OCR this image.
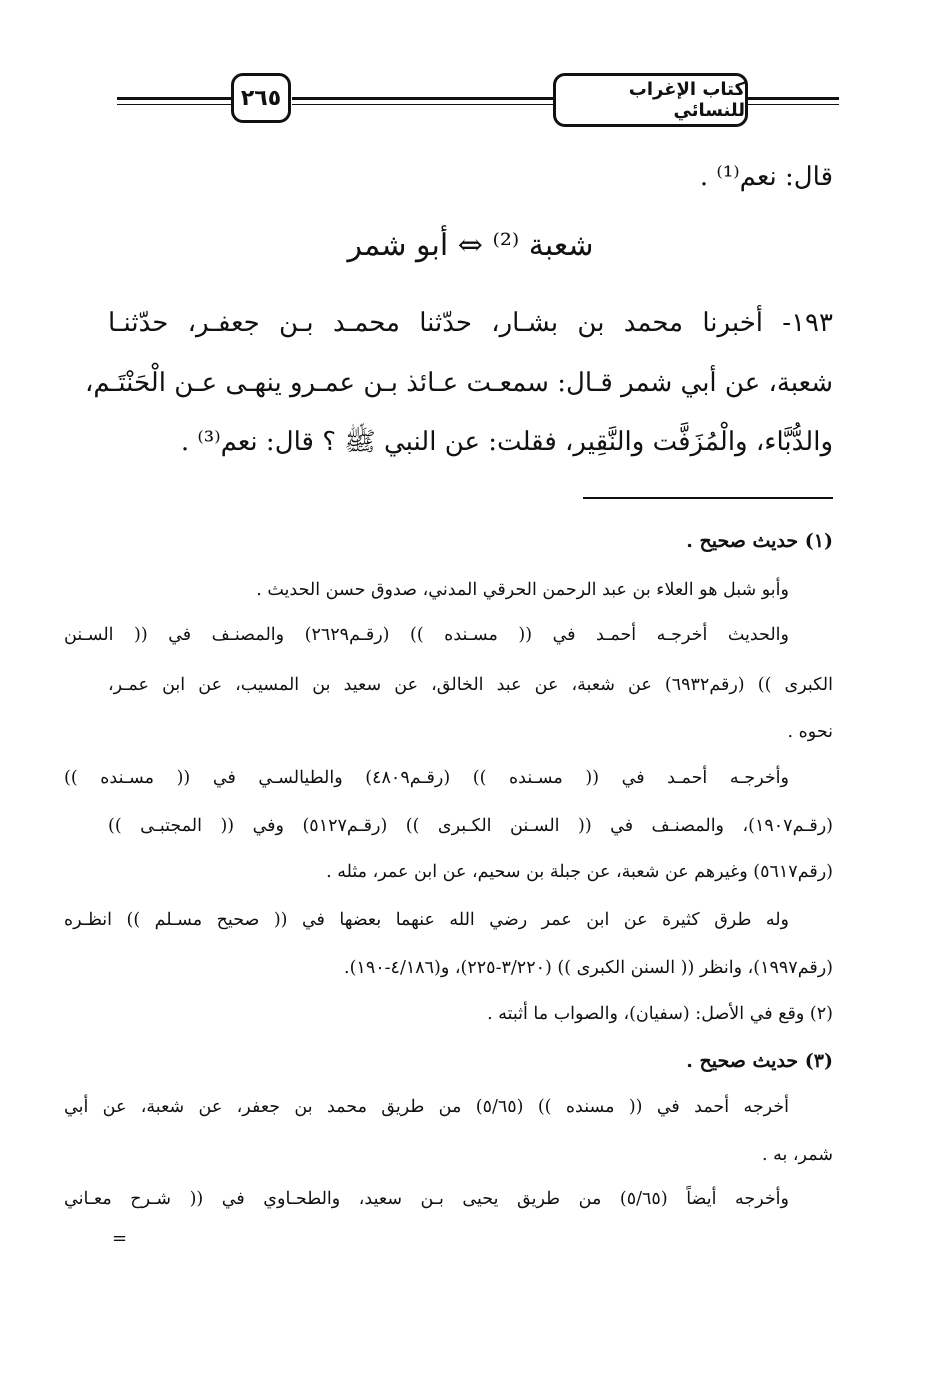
٢٦٥	كتاب الإغراب للنسائي
قال: نعم⁽¹⁾ .
شعبة ⁽²⁾ ⇔ أبو شمر
١٩٣- أخبرنا محمد بن بشـار، حدّثنا محمـد بـن جعفـر، حدّثنـا
شعبة، عن أبي شمر قـال: سمعـت عـائذ بـن عمـرو ينهـى عـن الْحَنْتَـم،
والدُّبَّاء، والْمُزَفَّت والنَّقِير، فقلت: عن النبي ﷺ ؟ قال: نعم⁽³⁾ .
(١) حديث صحيح .
وأبو شبل هو العلاء بن عبد الرحمن الحرقي المدني، صدوق حسن الحديث .
والحديث أخرجـه أحمـد في (( مسـنده )) (رقـم٢٦٢٩) والمصنـف في (( السـنن
الكبرى )) (رقم٦٩٣٢) عن شعبة، عن عبد الخالق، عن سعيد بن المسيب، عن ابن عمـر،
نحوه .
وأخرجـه أحمـد في (( مسـنده )) (رقـم٤٨٠٩) والطيالسـي في (( مسـنده ))
(رقـم١٩٠٧)، والمصنـف في (( السـنن الكـبرى )) (رقـم٥١٢٧) وفي (( المجتبـى ))
(رقم٥٦١٧) وغيرهم عن شعبة، عن جبلة بن سحيم، عن ابن عمر، مثله .
وله طرق كثيرة عن ابن عمر رضي الله عنهما بعضها في (( صحيح مسـلم )) انظـره
(رقم١٩٩٧)، وانظر (( السنن الكبرى )) (٣/٢٢٠-٢٢٥)، و(٤/١٨٦-١٩٠).
(٢) وقع في الأصل: (سفيان)، والصواب ما أثبته .
(٣) حديث صحيح .
أخرجه أحمد في (( مسنده )) (٥/٦٥) من طريق محمد بن جعفر، عن شعبة، عن أبي
شمر، به .
وأخرجه أيضاً (٥/٦٥) من طريق يحيى بـن سعيد، والطحـاوي في (( شـرح معـاني
=
